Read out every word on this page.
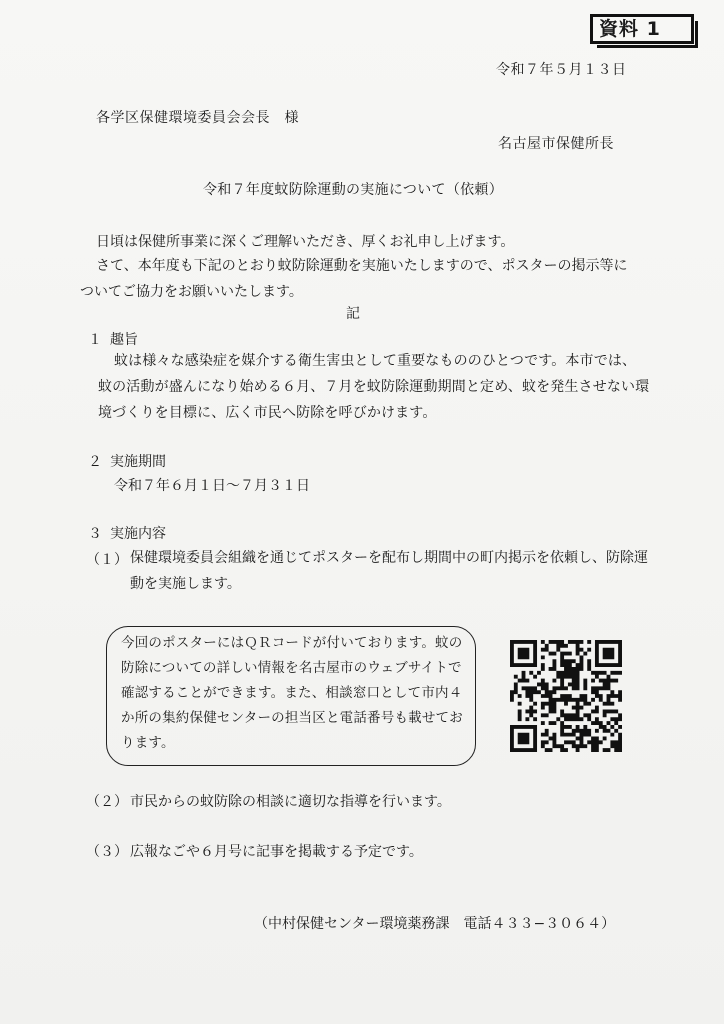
資料 1
令和７年５月１３日
各学区保健環境委員会会長　様
名古屋市保健所長
令和７年度蚊防除運動の実施について（依頼）
日頃は保健所事業に深くご理解いただき、厚くお礼申し上げます。
さて、本年度も下記のとおり蚊防除運動を実施いたしますので、ポスターの掲示等についてご協力をお願いいたします。
記
１ 趣旨
蚊は様々な感染症を媒介する衛生害虫として重要なもののひとつです。本市では、蚊の活動が盛んになり始める６月、７月を蚊防除運動期間と定め、蚊を発生させない環境づくりを目標に、広く市民へ防除を呼びかけます。
２ 実施期間
令和７年６月１日〜７月３１日
３ 実施内容
（１） 保健環境委員会組織を通じてポスターを配布し期間中の町内掲示を依頼し、防除運動を実施します。
今回のポスターにはＱＲコードが付いております。蚊の防除についての詳しい情報を名古屋市のウェブサイトで確認することができます。また、相談窓口として市内４か所の集約保健センターの担当区と電話番号も載せております。
（２） 市民からの蚊防除の相談に適切な指導を行います。
（３） 広報なごや６月号に記事を掲載する予定です。
（中村保健センター環境薬務課　電話４３３−３０６４）
